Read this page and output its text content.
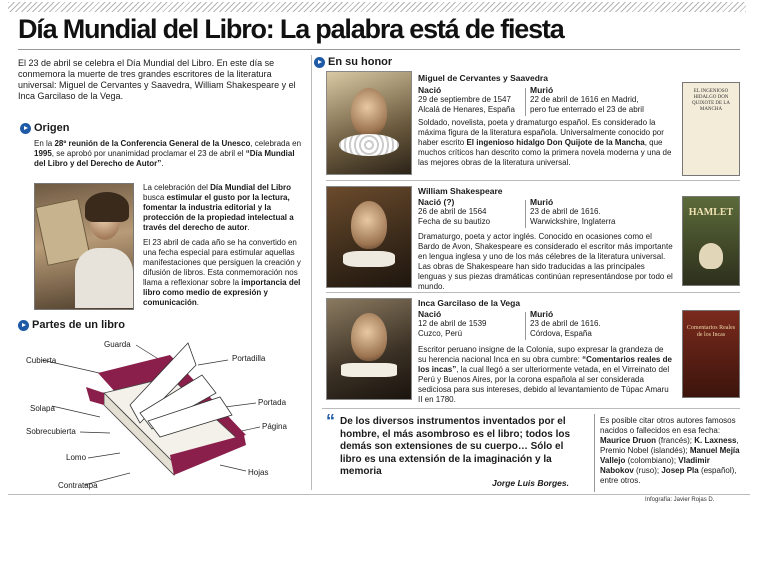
Día Mundial del Libro: La palabra está de fiesta
El 23 de abril se celebra el Día Mundial del Libro. En este día se conmemora la muerte de tres grandes escritores de la literatura universal: Miguel de Cervantes y Saavedra, William Shakespeare y el Inca Garcilaso de la Vega.
Origen
En la 28º reunión de la Conferencia General de la Unesco, celebrada en 1995, se aprobó por unanimidad proclamar el 23 de abril el “Día Mundial del Libro y del Derecho de Autor”.
La celebración del Día Mundial del Libro busca estimular el gusto por la lectura, fomentar la industria editorial y la protección de la propiedad intelectual a través del derecho de autor.
El 23 abril de cada año se ha convertido en una fecha especial para estimular aquellas manifestaciones que persiguen la creación y difusión de libros. Esta conmemoración nos llama a reflexionar sobre la importancia del libro como medio de expresión y comunicación.
Partes de un libro
Guarda
Cubierta	Portadilla
Portada
Solapa
Página
Sobrecubierta
Lomo
Hojas
Contratapa
En su honor
Miguel de Cervantes y Saavedra
Nació
29 de septiembre de 1547
Alcalá de Henares, España
Murió
22 de abril de 1616 en Madrid,
pero fue enterrado el 23 de abril
Soldado, novelista, poeta y dramaturgo español. Es considerado la máxima figura de la literatura española. Universalmente conocido por haber escrito El ingenioso hidalgo Don Quijote de la Mancha, que muchos críticos han descrito como la primera novela moderna y una de las mejores obras de la literatura universal.
EL INGENIOSO HIDALGO DON QUIXOTE DE LA MANCHA
William Shakespeare
Nació (?)
26 de abril de 1564
Fecha de su bautizo
Murió
23 de abril de 1616.
Warwickshire, Inglaterra
Dramaturgo, poeta y actor inglés. Conocido en ocasiones como el Bardo de Avon, Shakespeare es considerado el escritor más importante en lengua inglesa y uno de los más célebres de la literatura universal. Las obras de Shakespeare han sido traducidas a las principales lenguas y sus piezas dramáticas continúan representándose por todo el mundo.
HAMLET
Inca Garcilaso de la Vega
Nació
12 de abril de 1539
Cuzco, Perú
Murió
23 de abril de 1616.
Córdova, España
Escritor peruano insigne de la Colonia, supo expresar la grandeza de su herencia nacional Inca en su obra cumbre: “Comentarios reales de los incas”, la cual llegó a ser ulteriormente vetada, en el Virreinato del Perú y Buenos Aires, por la corona española al ser considerada sediciosa para sus intereses, debido al levantamiento de Túpac Amaru II en 1780.
Comentarios Reales de los Incas
“ De los diversos instrumentos inventados por el hombre, el más asombroso es el libro; todos los demás son extensiones de su cuerpo… Sólo el libro es una extensión de la imaginación y la memoria
Jorge Luis Borges.
Es posible citar otros autores famosos nacidos o fallecidos en esa fecha: Maurice Druon (francés); K. Laxness, Premio Nobel (islandés); Manuel Mejía Vallejo (colombiano); Vladimir Nabokov (ruso); Josep Pla (español), entre otros.
Infografía: Javier Rojas D.
